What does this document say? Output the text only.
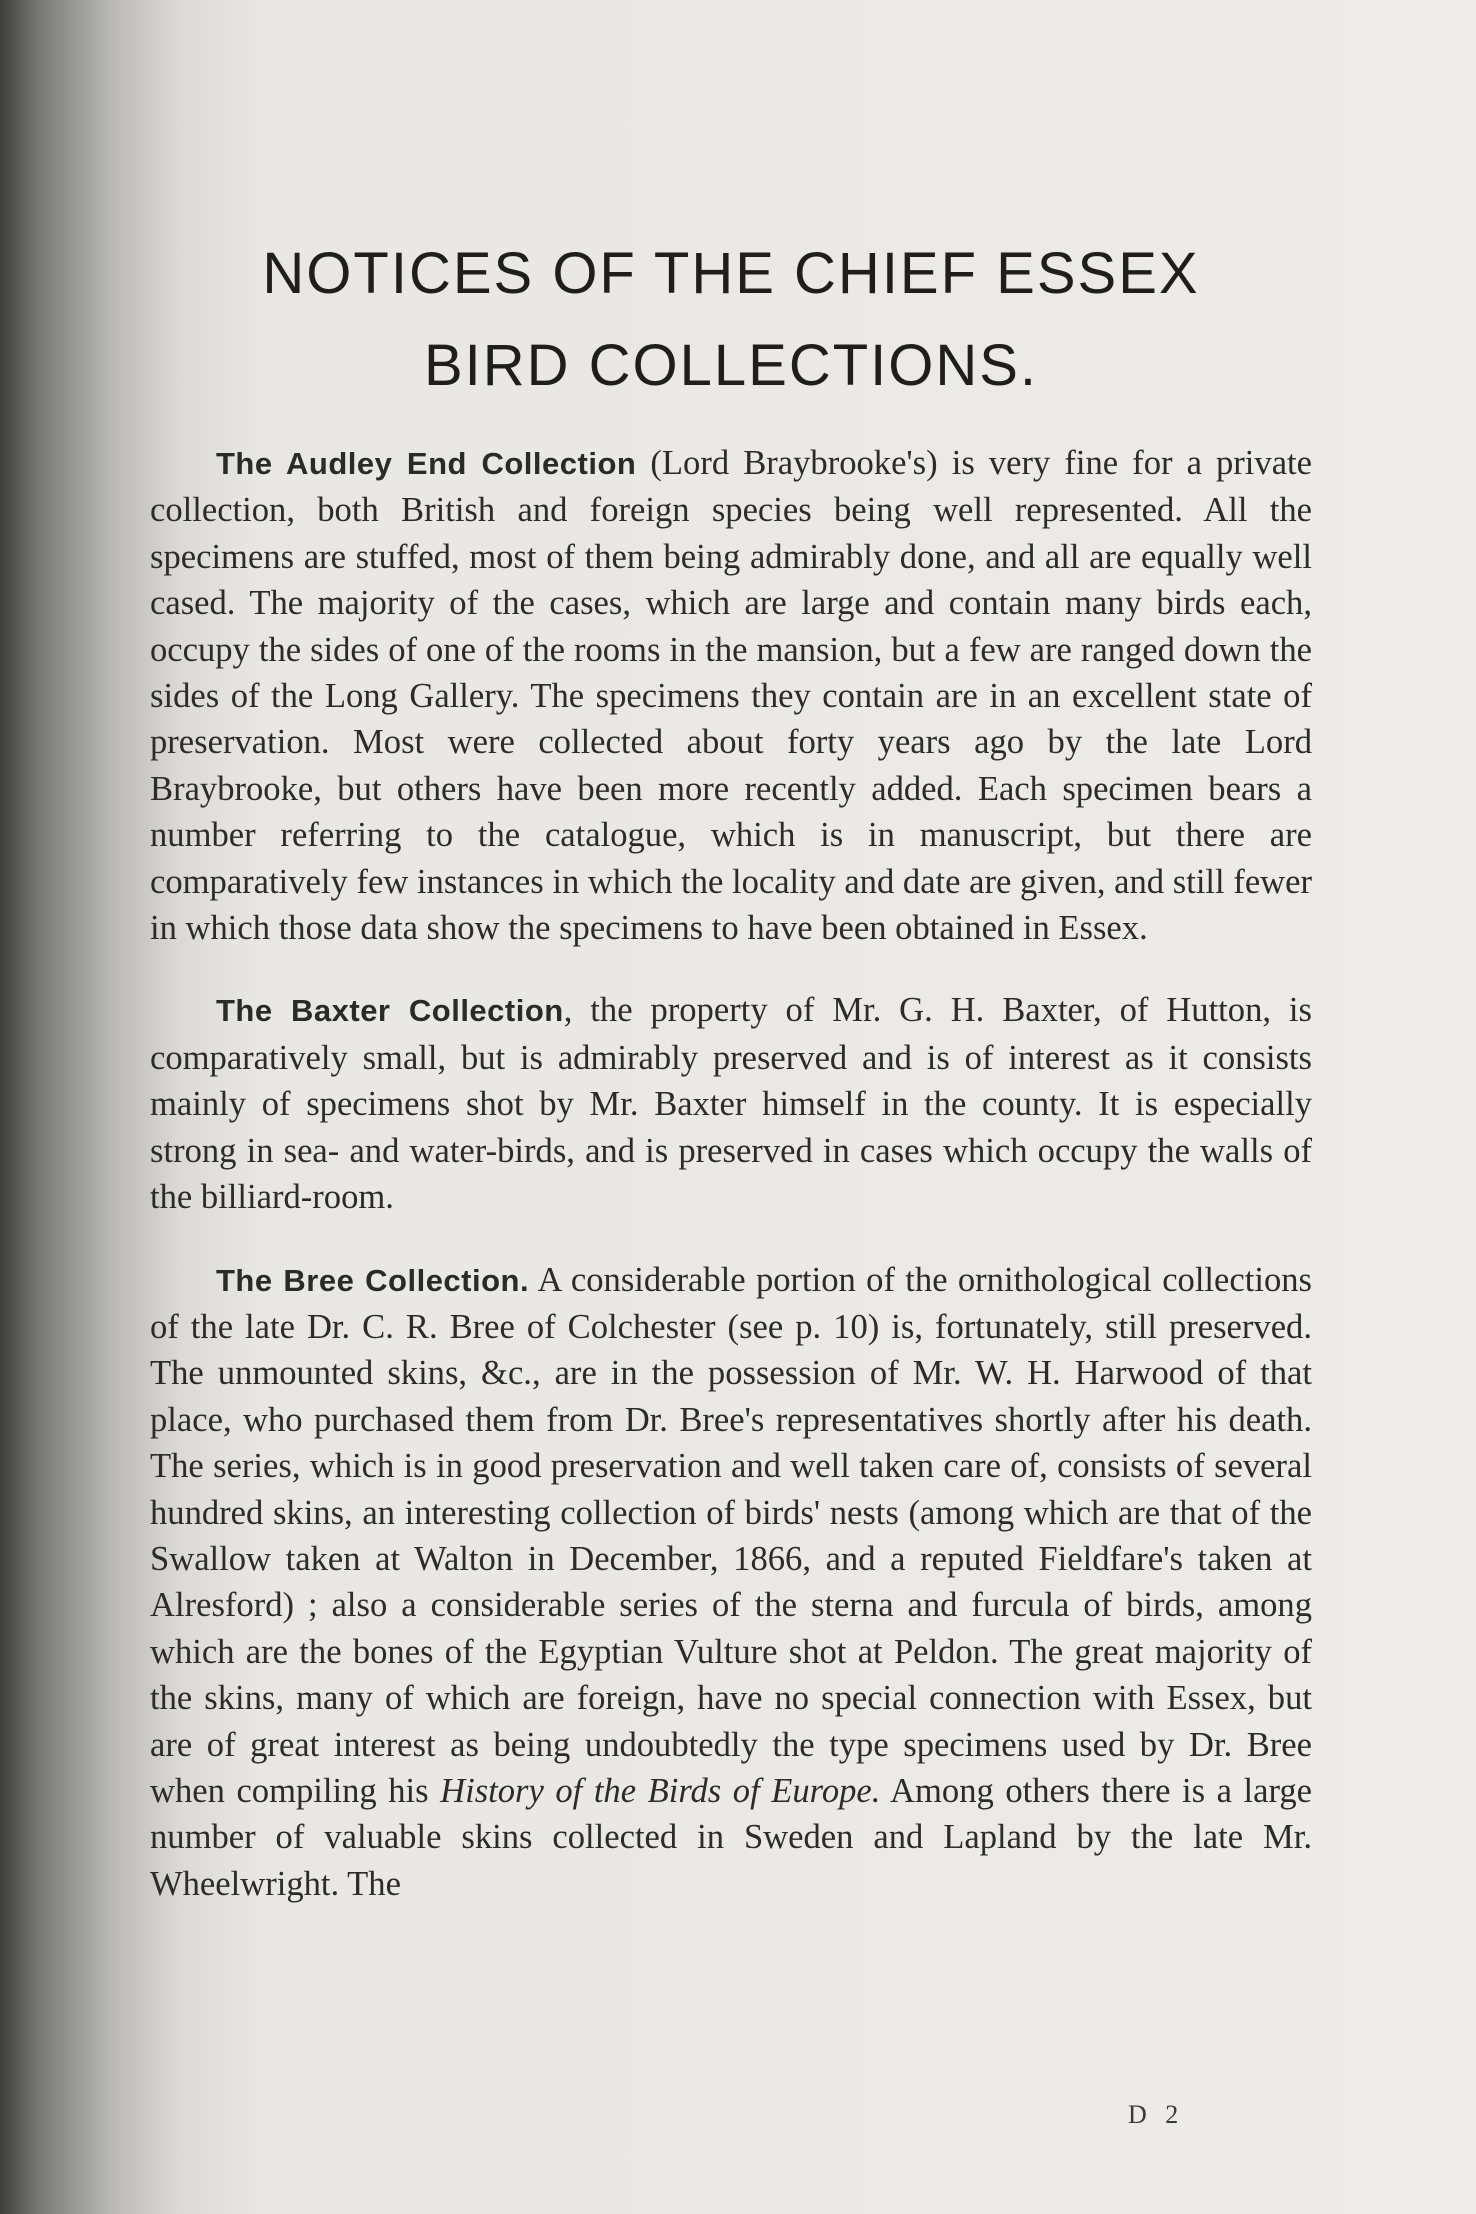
NOTICES OF THE CHIEF ESSEX
BIRD COLLECTIONS.

The Audley End Collection (Lord Braybrooke's) is very fine for a private collection, both British and foreign species being well represented. All the specimens are stuffed, most of them being admirably done, and all are equally well cased. The majority of the cases, which are large and contain many birds each, occupy the sides of one of the rooms in the mansion, but a few are ranged down the sides of the Long Gallery. The specimens they contain are in an excellent state of preservation. Most were collected about forty years ago by the late Lord Braybrooke, but others have been more recently added. Each specimen bears a number referring to the catalogue, which is in manuscript, but there are comparatively few instances in which the locality and date are given, and still fewer in which those data show the specimens to have been obtained in Essex.

The Baxter Collection, the property of Mr. G. H. Baxter, of Hutton, is comparatively small, but is admirably preserved and is of interest as it consists mainly of specimens shot by Mr. Baxter himself in the county. It is especially strong in sea- and water-birds, and is preserved in cases which occupy the walls of the billiard-room.

The Bree Collection. A considerable portion of the ornithological collections of the late Dr. C. R. Bree of Colchester (see p. 10) is, fortunately, still preserved. The unmounted skins, &c., are in the possession of Mr. W. H. Harwood of that place, who purchased them from Dr. Bree's representatives shortly after his death. The series, which is in good preservation and well taken care of, consists of several hundred skins, an interesting collection of birds' nests (among which are that of the Swallow taken at Walton in December, 1866, and a reputed Fieldfare's taken at Alresford) ; also a considerable series of the sterna and furcula of birds, among which are the bones of the Egyptian Vulture shot at Peldon. The great majority of the skins, many of which are foreign, have no special connection with Essex, but are of great interest as being undoubtedly the type specimens used by Dr. Bree when compiling his History of the Birds of Europe. Among others there is a large number of valuable skins collected in Sweden and Lapland by the late Mr. Wheelwright. The

D 2
